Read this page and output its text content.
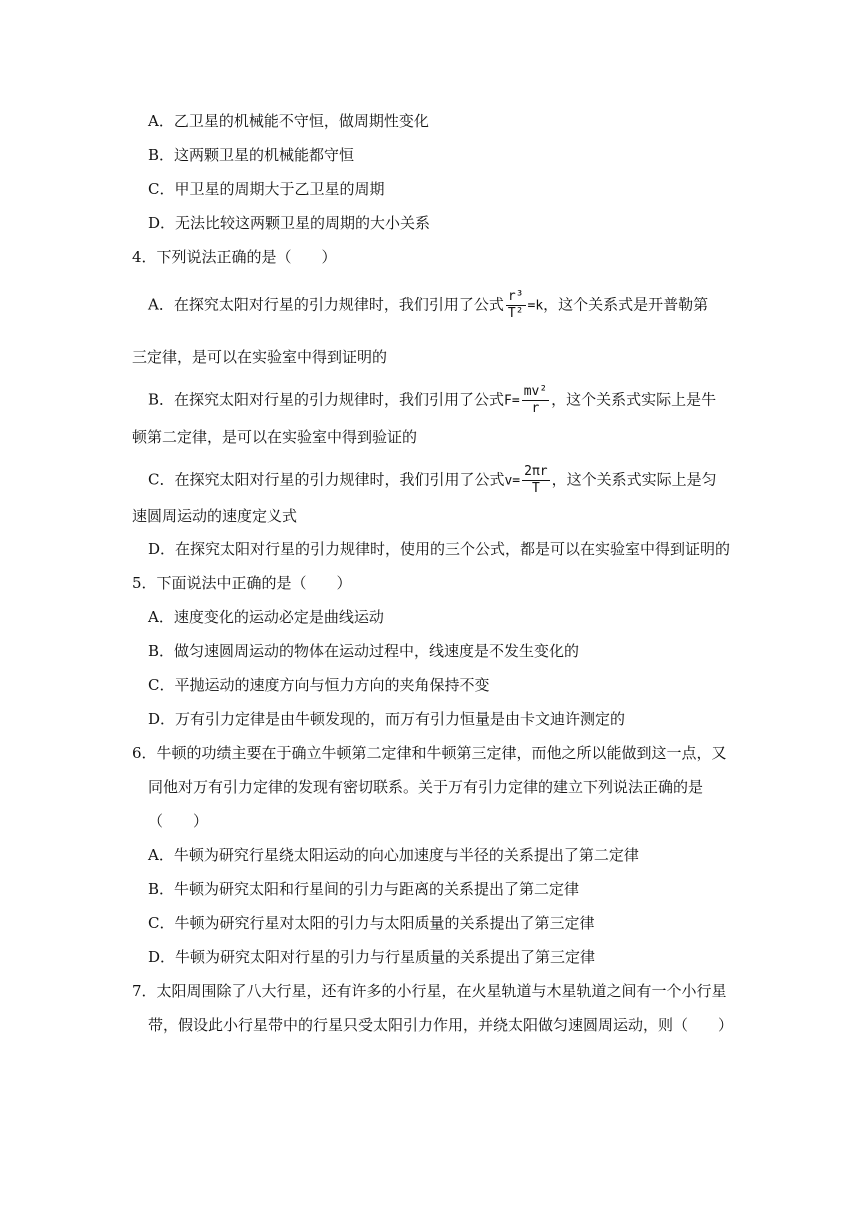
A．乙卫星的机械能不守恒，做周期性变化
B．这两颗卫星的机械能都守恒
C．甲卫星的周期大于乙卫星的周期
D．无法比较这两颗卫星的周期的大小关系
4．下列说法正确的是（　　）
A．在探究太阳对行星的引力规律时，我们引用了公式 $\frac{\text{r³}}{\text{T²}} =k$，这个关系式是开普勒第
三定律，是可以在实验室中得到证明的
B．在探究太阳对行星的引力规律时，我们引用了公式$F= \frac{\text{mv²}}{r}$ ，这个关系式实际上是牛
顿第二定律，是可以在实验室中得到验证的
C．在探究太阳对行星的引力规律时，我们引用了公式$v= \frac{2\pi r}{T}$ ，这个关系式实际上是匀
速圆周运动的速度定义式
D．在探究太阳对行星的引力规律时，使用的三个公式，都是可以在实验室中得到证明的
5．下面说法中正确的是（　　）
A．速度变化的运动必定是曲线运动
B．做匀速圆周运动的物体在运动过程中，线速度是不发生变化的
C．平抛运动的速度方向与恒力方向的夹角保持不变
D．万有引力定律是由牛顿发现的，而万有引力恒量是由卡文迪许测定的
6．牛顿的功绩主要在于确立牛顿第二定律和牛顿第三定律，而他之所以能做到这一点，又
同他对万有引力定律的发现有密切联系。关于万有引力定律的建立下列说法正确的是
（　　）
A．牛顿为研究行星绕太阳运动的向心加速度与半径的关系提出了第二定律
B．牛顿为研究太阳和行星间的引力与距离的关系提出了第二定律
C．牛顿为研究行星对太阳的引力与太阳质量的关系提出了第三定律
D．牛顿为研究太阳对行星的引力与行星质量的关系提出了第三定律
7．太阳周围除了八大行星，还有许多的小行星，在火星轨道与木星轨道之间有一个小行星
带，假设此小行星带中的行星只受太阳引力作用，并绕太阳做匀速圆周运动，则（　　）
